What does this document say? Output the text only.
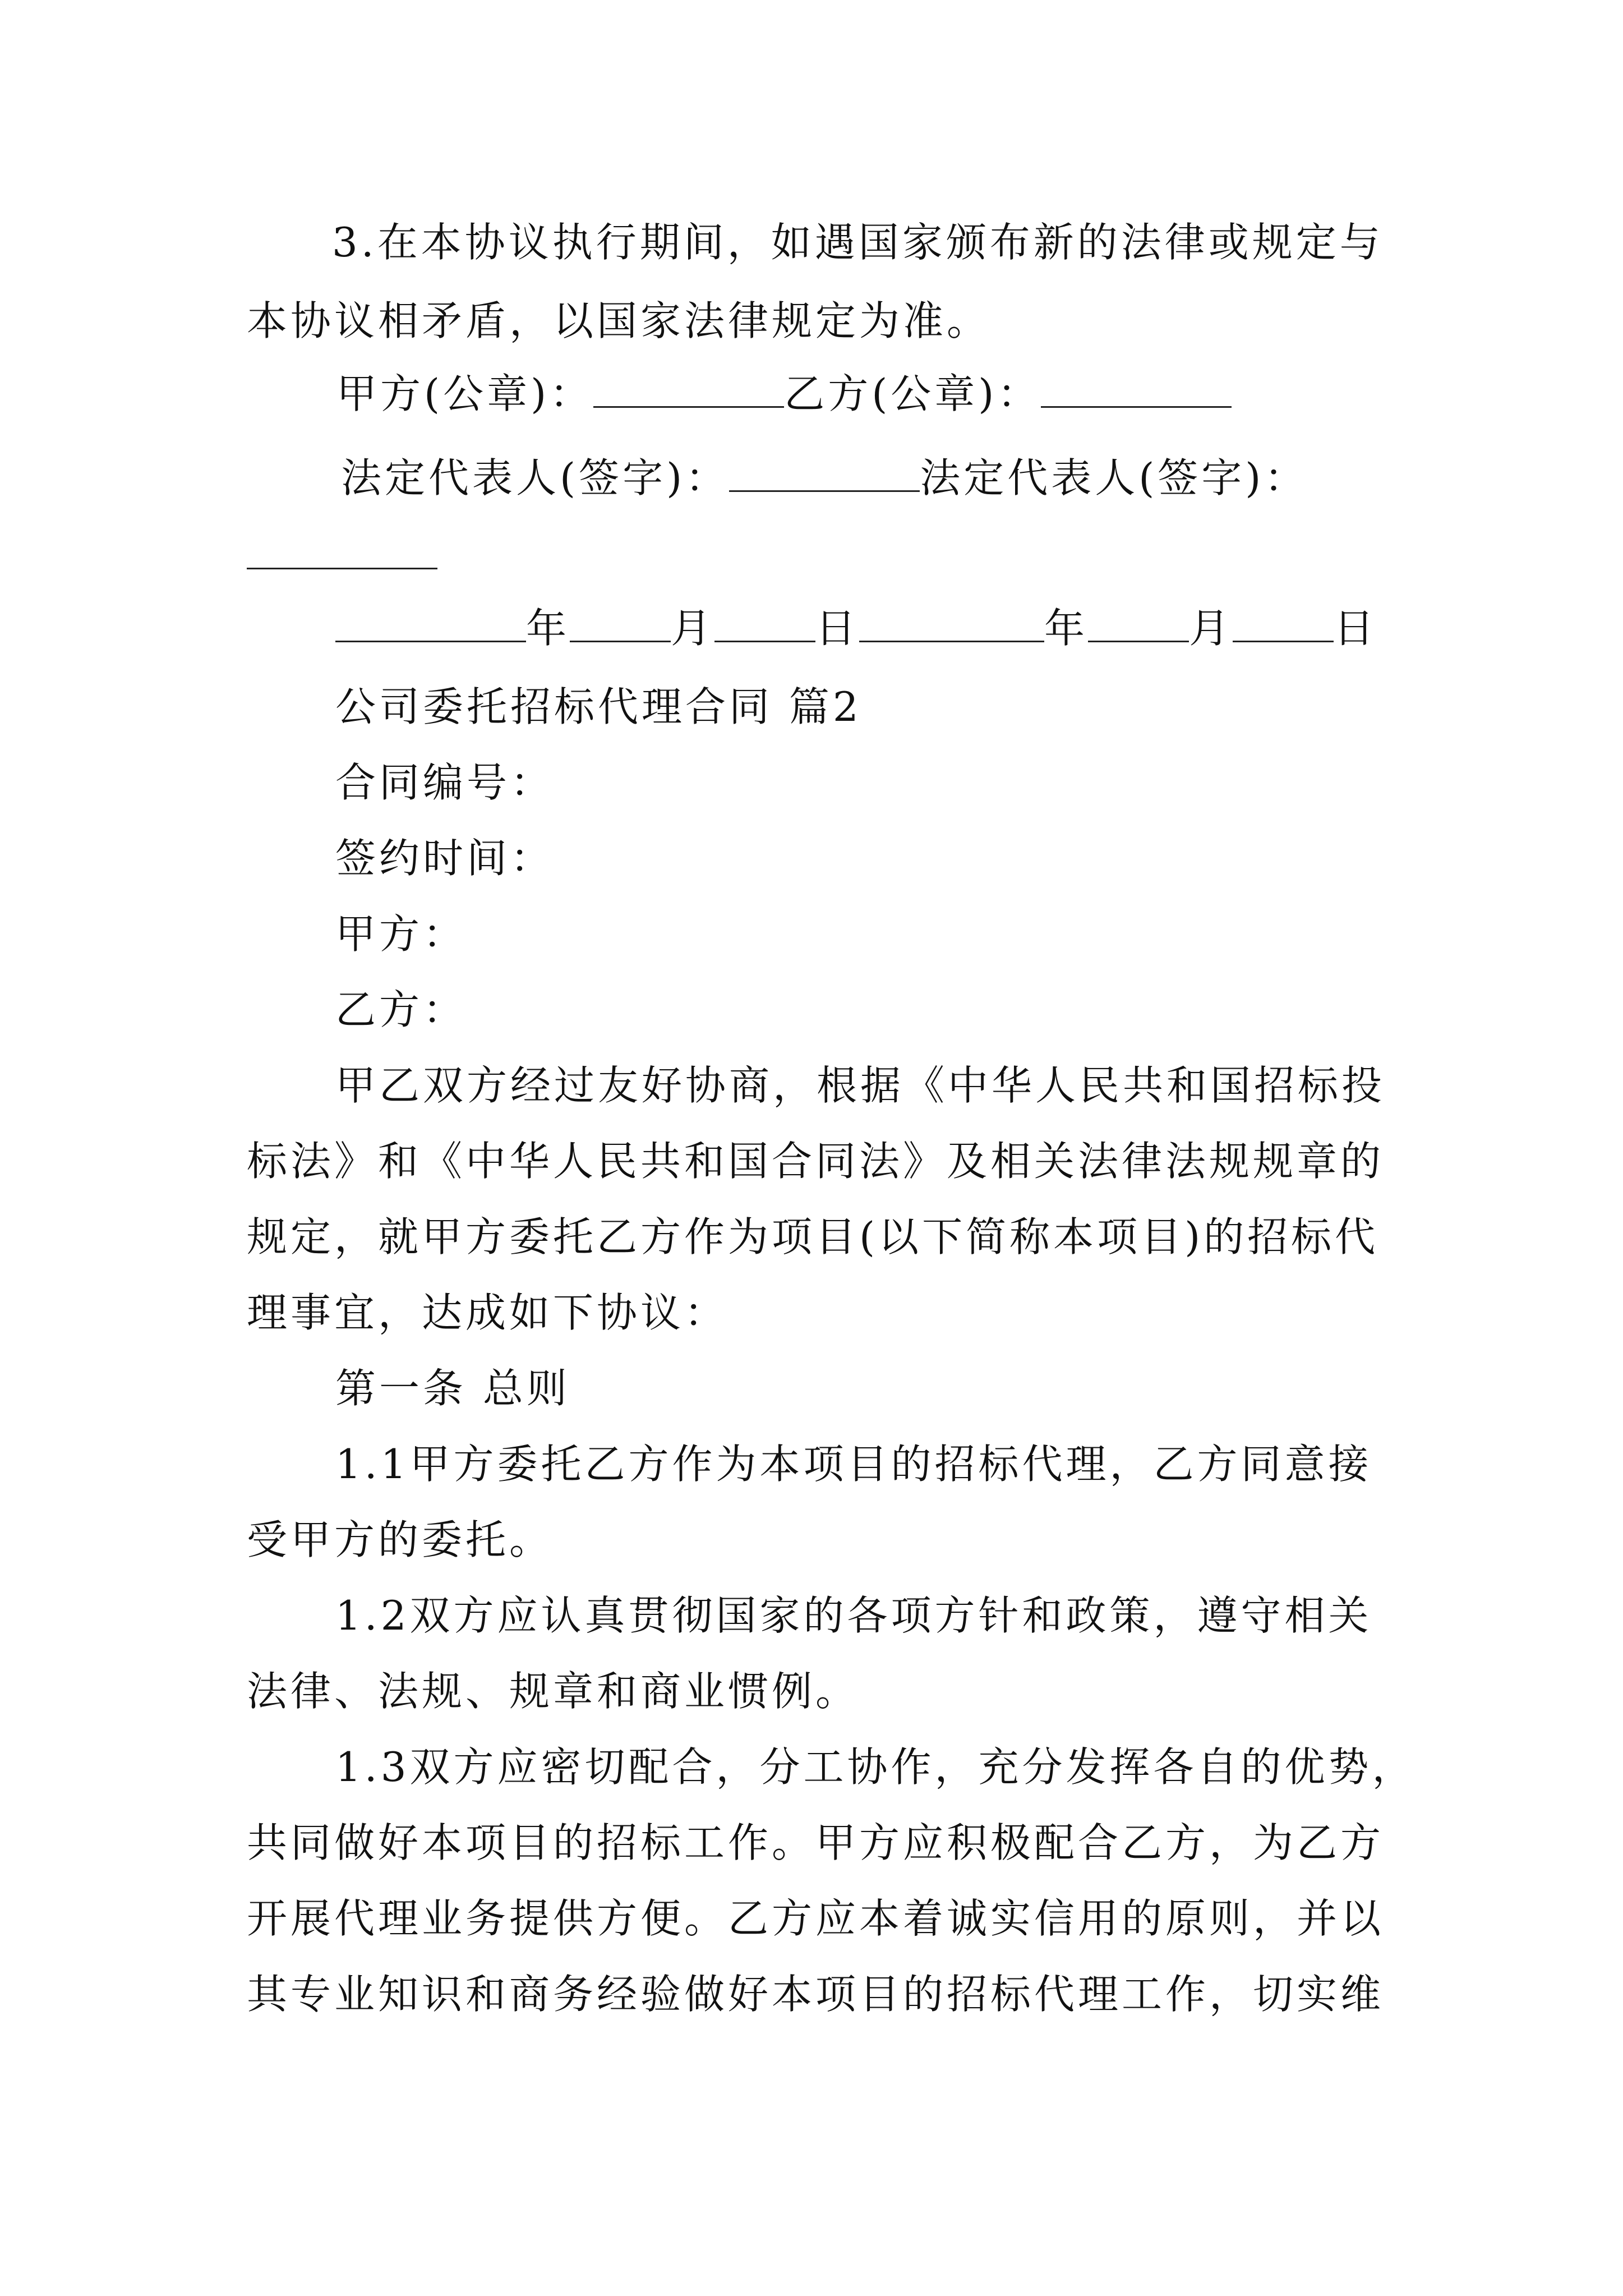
3.在本协议执行期间，如遇国家颁布新的法律或规定与
本协议相矛盾，以国家法律规定为准。
甲方(公章)：	乙方(公章)：
法定代表人(签字)：	法定代表人(签字)：
年	月	日	年	月	日
公司委托招标代理合同 篇2
合同编号：
签约时间：
甲方：
乙方：
甲乙双方经过友好协商，根据《中华人民共和国招标投
标法》和《中华人民共和国合同法》及相关法律法规规章的
规定，就甲方委托乙方作为项目(以下简称本项目)的招标代
理事宜，达成如下协议：
第一条 总则
1.1甲方委托乙方作为本项目的招标代理，乙方同意接
受甲方的委托。
1.2双方应认真贯彻国家的各项方针和政策，遵守相关
法律、法规、规章和商业惯例。
1.3双方应密切配合，分工协作，充分发挥各自的优势，
共同做好本项目的招标工作。甲方应积极配合乙方，为乙方
开展代理业务提供方便。乙方应本着诚实信用的原则，并以
其专业知识和商务经验做好本项目的招标代理工作，切实维
